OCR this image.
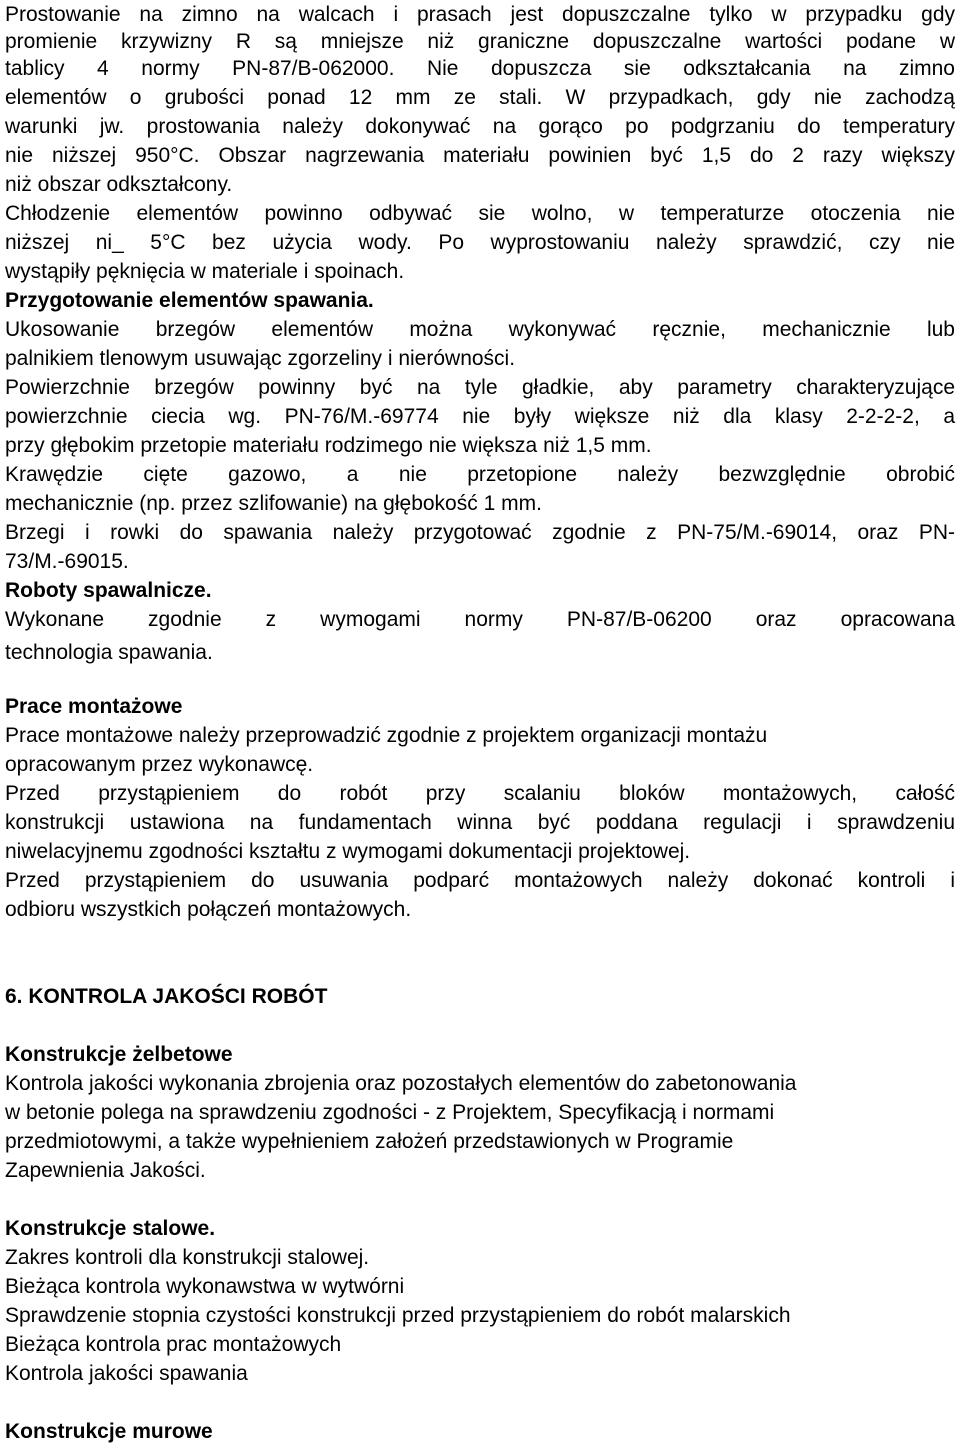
Prostowanie na zimno na walcach i prasach jest dopuszczalne tylko w przypadku gdy
promienie krzywizny R są mniejsze niż graniczne dopuszczalne wartości podane w
tablicy 4 normy PN-87/B-062000. Nie dopuszcza sie odkształcania na zimno
elementów o grubości ponad 12 mm ze stali. W przypadkach, gdy nie zachodzą
warunki jw. prostowania należy dokonywać na gorąco po podgrzaniu do temperatury
nie niższej 950°C. Obszar nagrzewania materiału powinien być 1,5 do 2 razy większy
niż obszar odkształcony.
Chłodzenie elementów powinno odbywać sie wolno, w temperaturze otoczenia nie
niższej ni_ 5°C bez użycia wody. Po wyprostowaniu należy sprawdzić, czy nie
wystąpiły pęknięcia w materiale i spoinach.
Przygotowanie elementów spawania.
Ukosowanie brzegów elementów można wykonywać ręcznie, mechanicznie lub
palnikiem tlenowym usuwając zgorzeliny i nierówności.
Powierzchnie brzegów powinny być na tyle gładkie, aby parametry charakteryzujące
powierzchnie ciecia wg. PN-76/M.-69774 nie były większe niż dla klasy 2-2-2-2, a
przy głębokim przetopie materiału rodzimego nie większa niż 1,5 mm.
Krawędzie cięte gazowo, a nie przetopione należy bezwzględnie obrobić
mechanicznie (np. przez szlifowanie) na głębokość 1 mm.
Brzegi i rowki do spawania należy przygotować zgodnie z PN-75/M.-69014, oraz PN-
73/M.-69015.
Roboty spawalnicze.
Wykonane zgodnie z wymogami normy PN-87/B-06200 oraz opracowana
technologia spawania.
Prace montażowe
Prace montażowe należy przeprowadzić zgodnie z projektem organizacji montażu
opracowanym przez wykonawcę.
Przed przystąpieniem do robót przy scalaniu bloków montażowych, całość
konstrukcji ustawiona na fundamentach winna być poddana regulacji i sprawdzeniu
niwelacyjnemu zgodności kształtu z wymogami dokumentacji projektowej.
Przed przystąpieniem do usuwania podparć montażowych należy dokonać kontroli i
odbioru wszystkich połączeń montażowych.
6. KONTROLA JAKOŚCI ROBÓT
Konstrukcje żelbetowe
Kontrola jakości wykonania zbrojenia oraz pozostałych elementów do zabetonowania
w betonie polega na sprawdzeniu zgodności - z Projektem, Specyfikacją i normami
przedmiotowymi, a także wypełnieniem założeń przedstawionych w Programie
Zapewnienia Jakości.
Konstrukcje stalowe.
Zakres kontroli dla konstrukcji stalowej.
Bieżąca kontrola wykonawstwa w wytwórni
Sprawdzenie stopnia czystości konstrukcji przed przystąpieniem do robót malarskich
Bieżąca kontrola prac montażowych
Kontrola jakości spawania
Konstrukcje murowe
